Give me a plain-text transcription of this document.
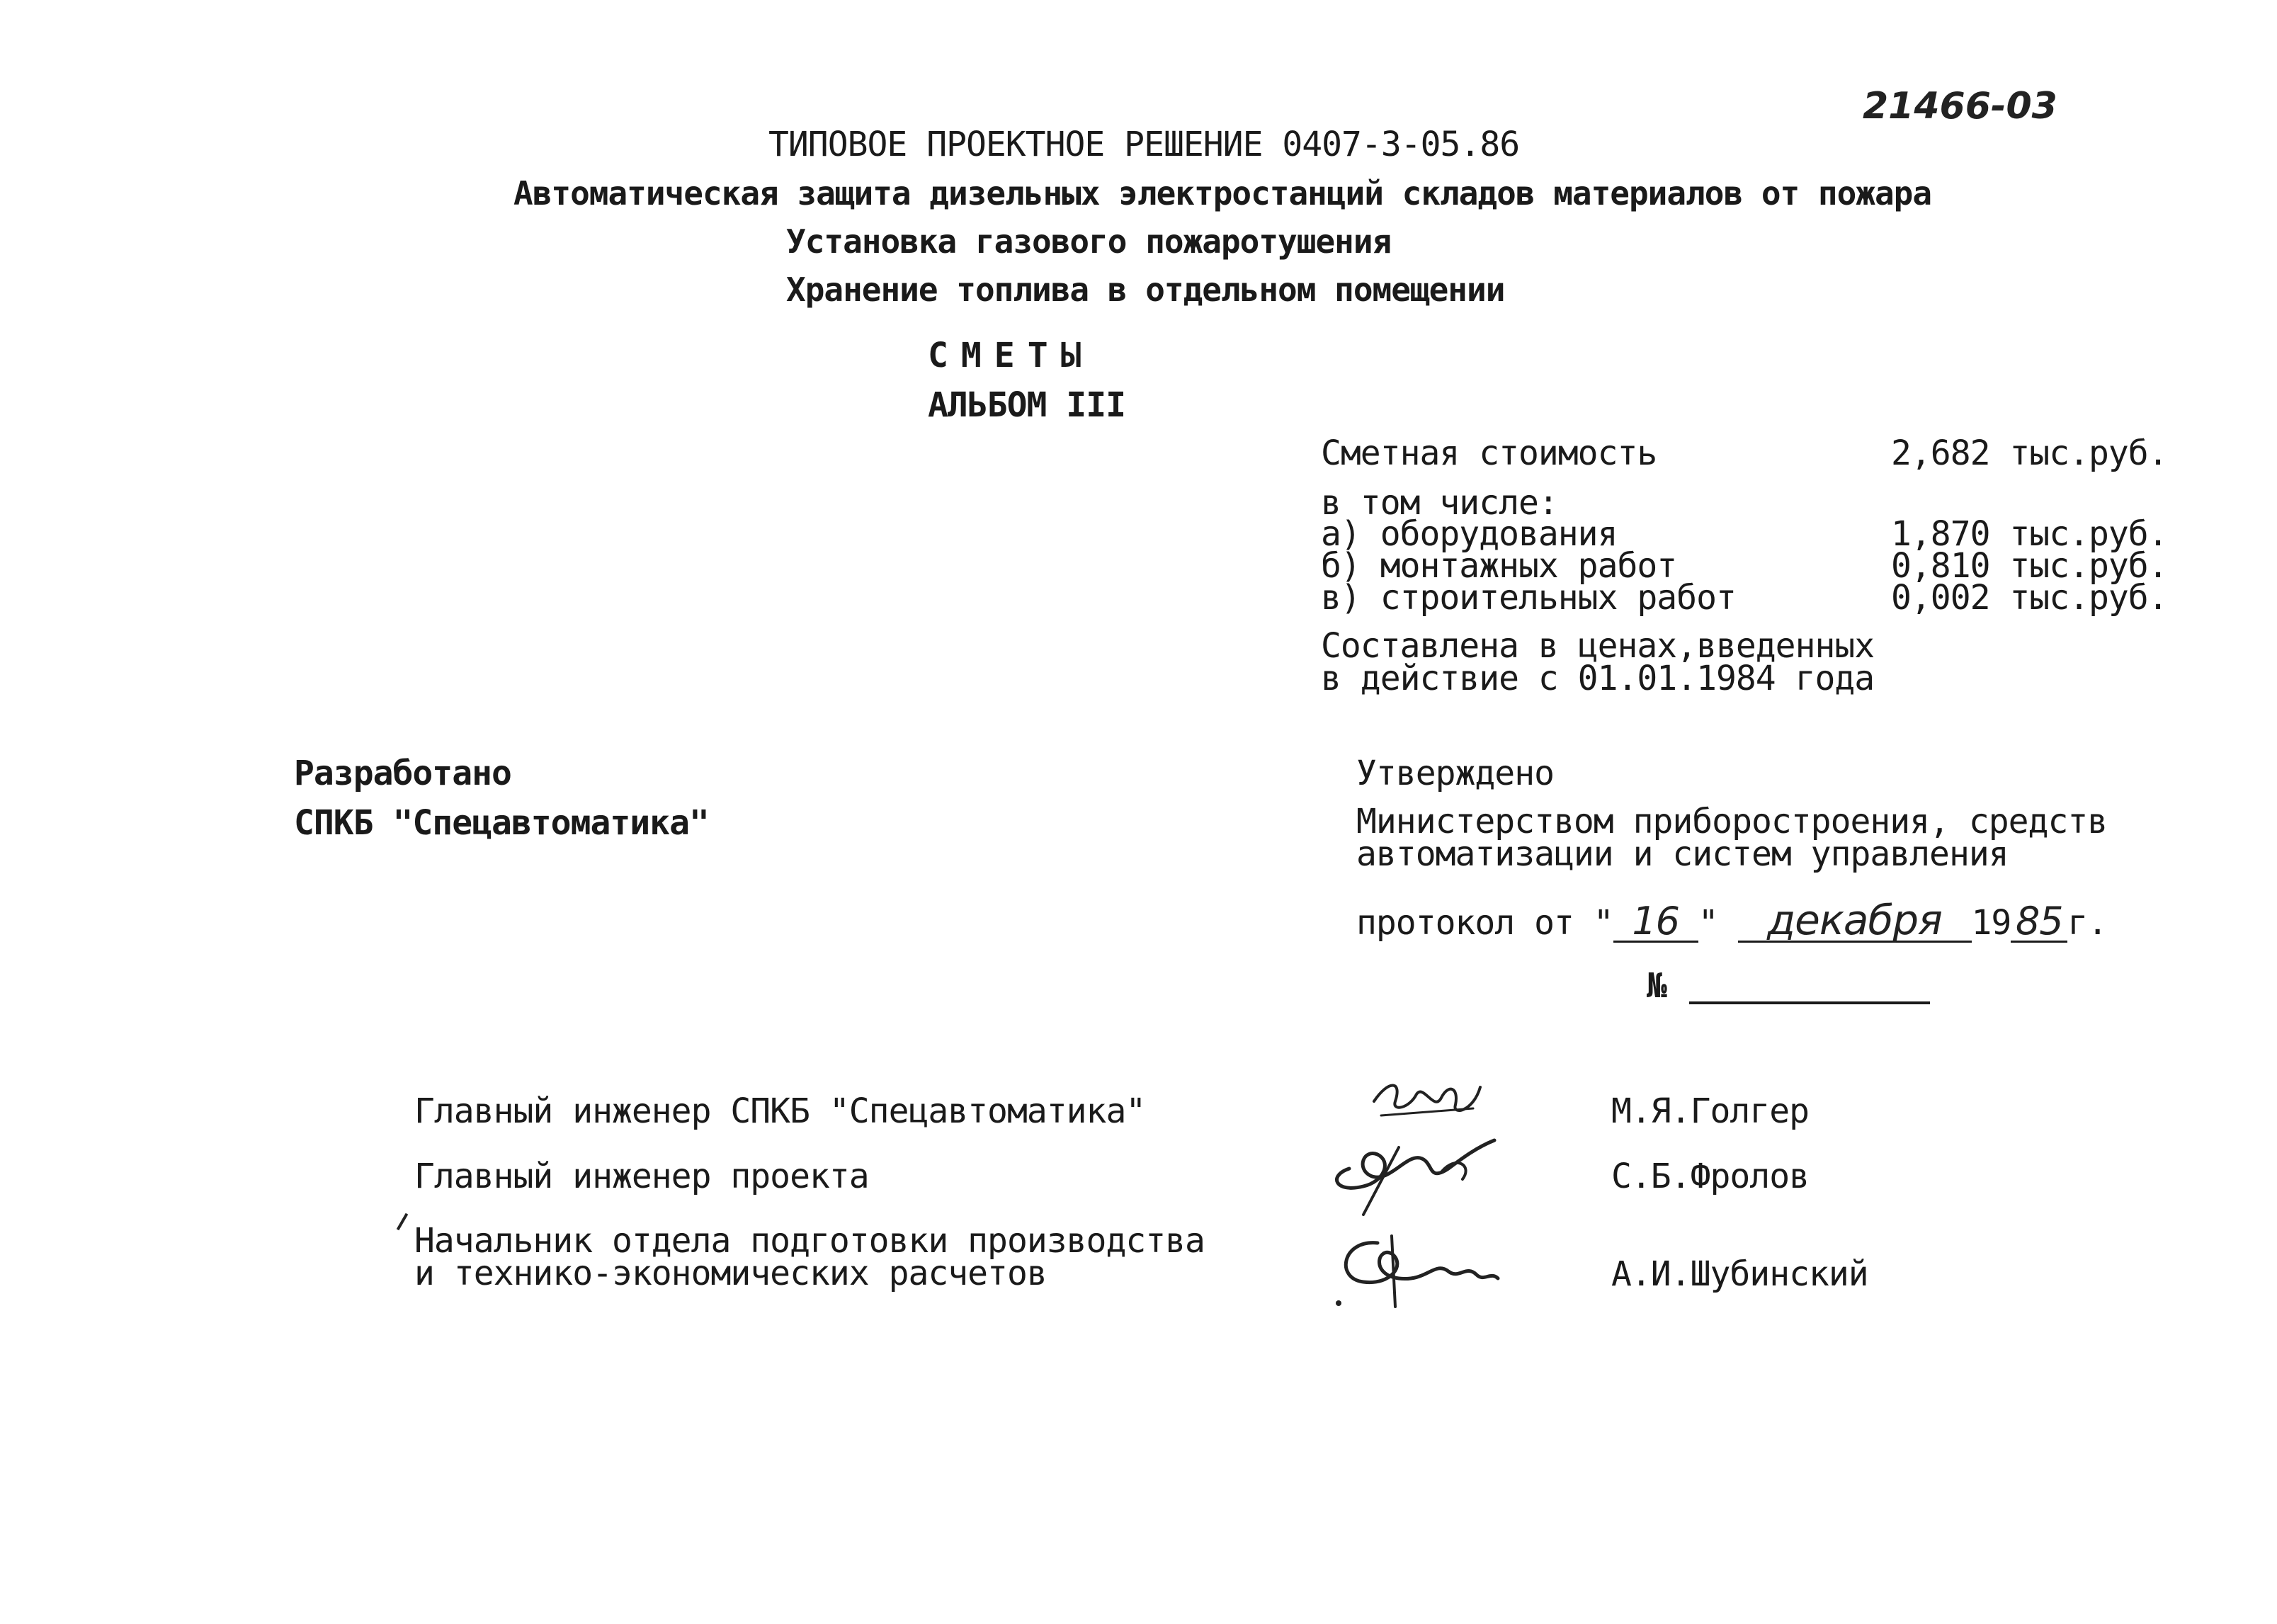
21466-03
ТИПОВОЕ ПРОЕКТНОЕ РЕШЕНИЕ 0407-3-05.86
Автоматическая защита дизельных электростанций складов материалов от пожара
Установка газового пожаротушения
Хранение топлива в отдельном помещении
СМЕТЫ
АЛЬБОМ III
Сметная стоимость	2,682 тыс.руб.
в том числе:
а) оборудования	1,870 тыс.руб.
б) монтажных работ	0,810 тыс.руб.
в) строительных работ	0,002 тыс.руб.
Составлена в ценах,введенных
в действие с 01.01.1984 года
Разработано
СПКБ "Спецавтоматика"
Утверждено
Министерством приборостроения, средств
автоматизации и систем управления
протокол от " 16 " декабря 19 85 г.
№
Главный инженер СПКБ "Спецавтоматика"	М.Я.Голгер
Главный инженер проекта	С.Б.Фролов
Начальник отдела подготовки производства
и технико-экономических расчетов	А.И.Шубинский
